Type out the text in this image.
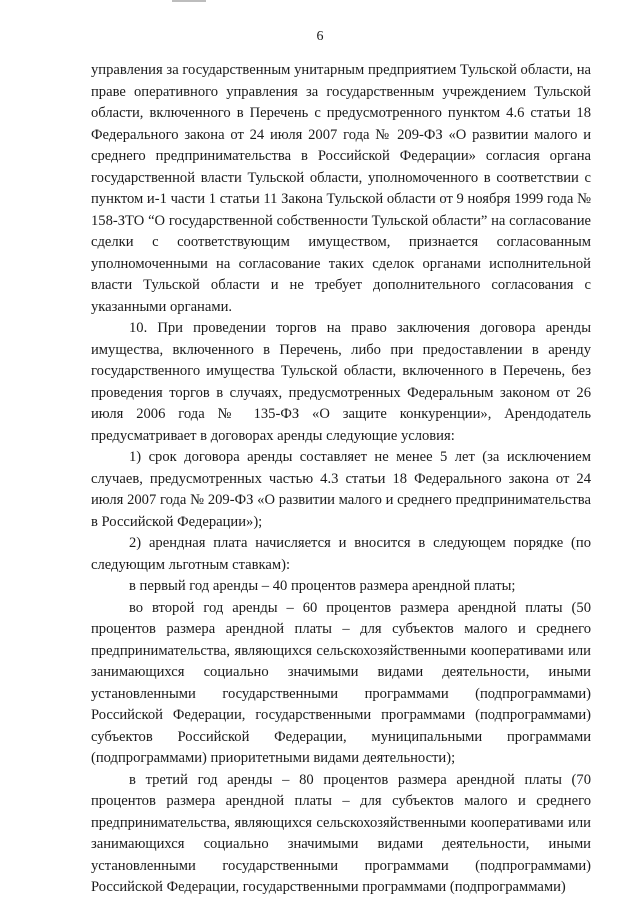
6

управления за государственным унитарным предприятием Тульской области, на праве оперативного управления за государственным учреждением Тульской области, включенного в Перечень с предусмотренного пунктом 4.6 статьи 18 Федерального закона от 24 июля 2007 года № 209-ФЗ «О развитии малого и среднего предпринимательства в Российской Федерации» согласия органа государственной власти Тульской области, уполномоченного в соответствии с пунктом и-1 части 1 статьи 11 Закона Тульской области от 9 ноября 1999 года № 158-ЗТО “О государственной собственности Тульской области” на согласование сделки с соответствующим имуществом, признается согласованным уполномоченными на согласование таких сделок органами исполнительной власти Тульской области и не требует дополнительного согласования с указанными органами.

10. При проведении торгов на право заключения договора аренды имущества, включенного в Перечень, либо при предоставлении в аренду государственного имущества Тульской области, включенного в Перечень, без проведения торгов в случаях, предусмотренных Федеральным законом от 26 июля 2006 года № 135-ФЗ «О защите конкуренции», Арендодатель предусматривает в договорах аренды следующие условия:

1) срок договора аренды составляет не менее 5 лет (за исключением случаев, предусмотренных частью 4.3 статьи 18 Федерального закона от 24 июля 2007 года № 209-ФЗ «О развитии малого и среднего предпринимательства в Российской Федерации»);

2) арендная плата начисляется и вносится в следующем порядке (по следующим льготным ставкам):

в первый год аренды – 40 процентов размера арендной платы;

во второй год аренды – 60 процентов размера арендной платы (50 процентов размера арендной платы – для субъектов малого и среднего предпринимательства, являющихся сельскохозяйственными кооперативами или занимающихся социально значимыми видами деятельности, иными установленными государственными программами (подпрограммами) Российской Федерации, государственными программами (подпрограммами) субъектов Российской Федерации, муниципальными программами (подпрограммами) приоритетными видами деятельности);

в третий год аренды – 80 процентов размера арендной платы (70 процентов размера арендной платы – для субъектов малого и среднего предпринимательства, являющихся сельскохозяйственными кооперативами или занимающихся социально значимыми видами деятельности, иными установленными государственными программами (подпрограммами) Российской Федерации, государственными программами (подпрограммами)
